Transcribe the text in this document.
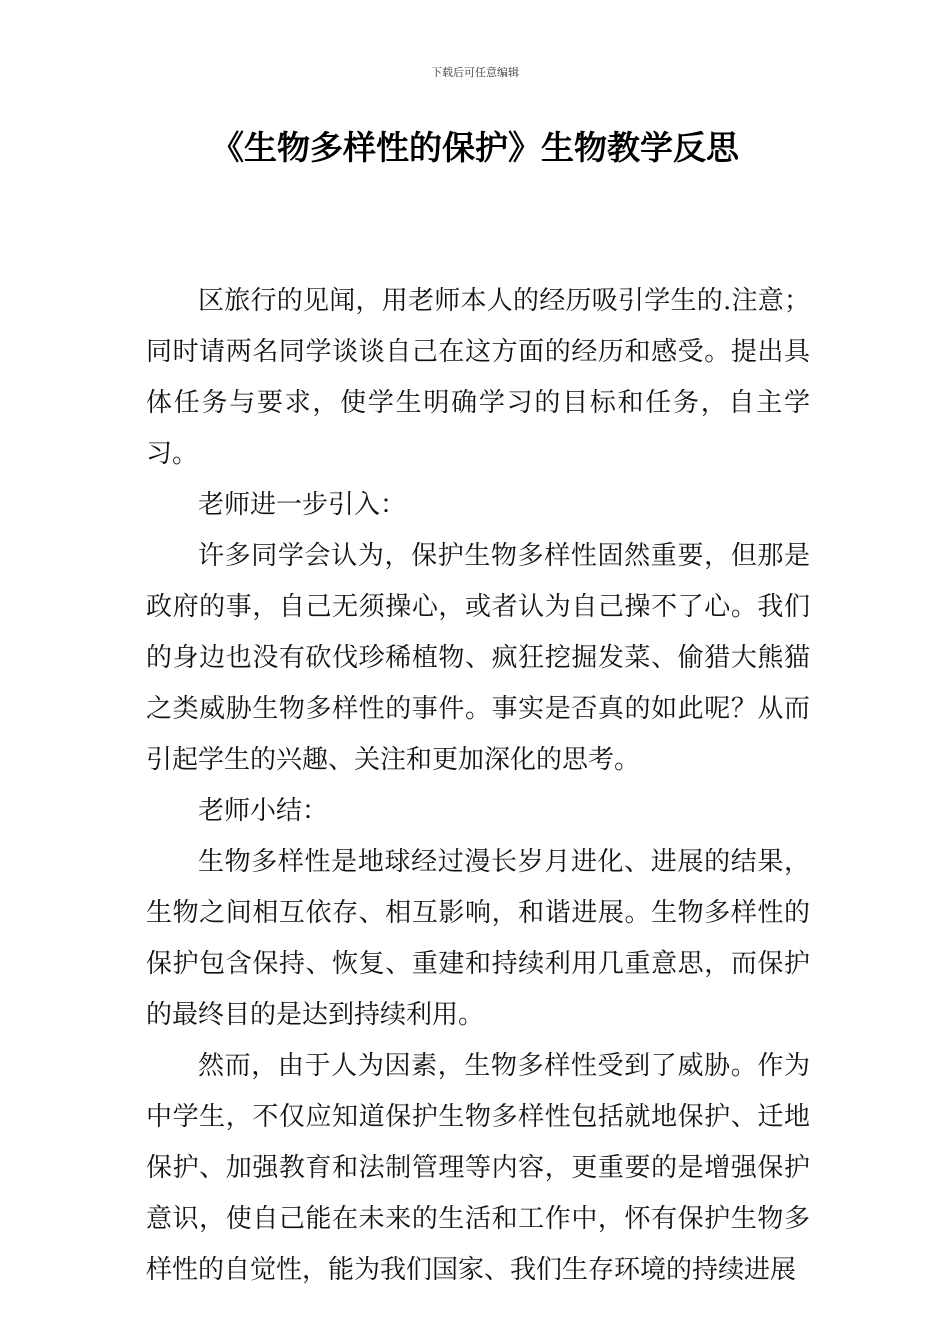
下载后可任意编辑
《生物多样性的保护》生物教学反思

区旅行的见闻，用老师本人的经历吸引学生的.注意；同时请两名同学谈谈自己在这方面的经历和感受。提出具体任务与要求，使学生明确学习的目标和任务，自主学习。

老师进一步引入：

许多同学会认为，保护生物多样性固然重要，但那是政府的事，自己无须操心，或者认为自己操不了心。我们的身边也没有砍伐珍稀植物、疯狂挖掘发菜、偷猎大熊猫之类威胁生物多样性的事件。事实是否真的如此呢？从而引起学生的兴趣、关注和更加深化的思考。

老师小结：

生物多样性是地球经过漫长岁月进化、进展的结果，生物之间相互依存、相互影响，和谐进展。生物多样性的保护包含保持、恢复、重建和持续利用几重意思，而保护的最终目的是达到持续利用。

然而，由于人为因素，生物多样性受到了威胁。作为中学生，不仅应知道保护生物多样性包括就地保护、迁地保护、加强教育和法制管理等内容，更重要的是增强保护意识，使自己能在未来的生活和工作中，怀有保护生物多样性的自觉性，能为我们国家、我们生存环境的持续进展
